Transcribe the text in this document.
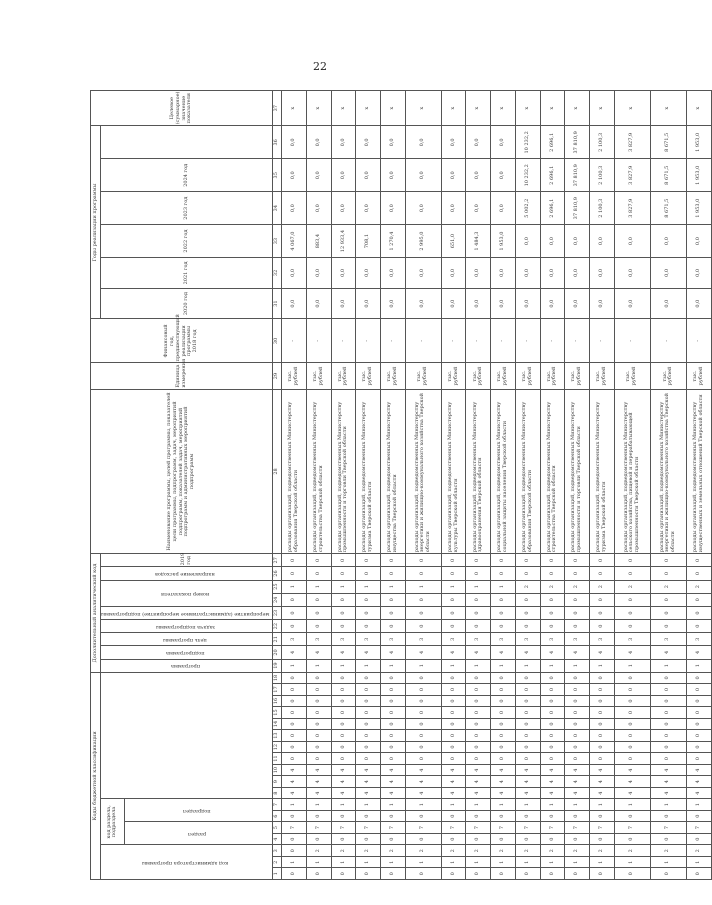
22
Коды бюджетной классификации																		Дополнительный аналитический код									Наименование программы, целей программы, показателей цели программы, подпрограмм, задач, мероприятий подпрограмм, показателей задач, мероприятий подпрограмм и административных мероприятий подпрограмм	Единица измерения	Финансовый год, предшествующий реализации программы 2018 год	Годы реализации программы						Целевое (суммарное) значение показателя
код администратора программы			код раздела, подраздела															программа	подпрограмма	цель программы	задача подпрограммы	мероприятие (административное мероприятие) подпрограммы	номер показателя		направление расходов	2019 год				2020 год	2021 год	2022 год	2023 год	2024 год		
			раздел		подраздел																															
1	2	3	4	5	6	7	8	9	10	11	12	13	14	15	16	17	18	19	20	21	22	23	24	25	26	27	28	29	30	31	32	33	34	35	36	37
0	1	0	0	7	0	1	4	4	4	0	0	0	0	0	0	0	0	1	4	3	0	0	0	1	0	0	расходы организаций, подведомственных Министерству образования Тверской области	тыс. рублей	-	0,0	0,0	4 067,0	0,0	0,0	0,0	х
0	1	2	0	7	0	1	4	4	4	0	0	0	0	0	0	0	0	1	4	3	0	0	0	1	0	0	расходы организаций, подведомственных Министерству строительства Тверской области	тыс. рублей	-	0,0	0,0	883,4	0,0	0,0	0,0	х
0	1	2	0	7	0	1	4	4	4	0	0	0	0	0	0	0	0	1	4	3	0	0	0	1	0	0	расходы организаций, подведомственных Министерству промышленности и торговли Тверской области	тыс. рублей	-	0,0	0,0	12 933,4	0,0	0,0	0,0	х
0	1	2	0	7	0	1	4	4	4	0	0	0	0	0	0	0	0	1	4	3	0	0	0	1	0	0	расходы организаций, подведомственных Министерству туризма Тверской области	тыс. рублей	-	0,0	0,0	708,1	0,0	0,0	0,0	х
0	1	2	0	7	0	1	4	4	4	0	0	0	0	0	0	0	0	1	4	3	0	0	0	1	0	0	расходы организаций, подведомственных Министерству имущества Тверской области	тыс. рублей	-	0,0	0,0	1 270,4	0,0	0,0	0,0	х
0	1	2	0	7	0	1	4	4	4	0	0	0	0	0	0	0	0	1	4	3	0	0	0	1	0	0	расходы организаций, подведомственных Министерству энергетики и жилищно-коммунального хозяйства Тверской области	тыс. рублей	-	0,0	0,0	2 995,0	0,0	0,0	0,0	х
0	1	2	0	7	0	1	4	4	4	0	0	0	0	0	0	0	0	1	4	3	0	0	0	1	0	0	расходы организаций, подведомственных Министерству культуры Тверской области	тыс. рублей	-	0,0	0,0	651,0	0,0	0,0	0,0	х
0	1	2	0	7	0	1	4	4	4	0	0	0	0	0	0	0	0	1	4	3	0	0	0	1	0	0	расходы организаций, подведомственных Министерству здравоохранения Тверской области	тыс. рублей	-	0,0	0,0	1 484,3	0,0	0,0	0,0	х
0	1	2	0	7	0	1	4	4	4	0	0	0	0	0	0	0	0	1	4	3	0	0	0	1	0	0	расходы организаций, подведомственных Министерству социальной защиты населения Тверской области	тыс. рублей	-	0,0	0,0	1 953,0	0,0	0,0	0,0	х
0	1	2	0	7	0	1	4	4	4	0	0	0	0	0	0	0	0	1	4	3	0	0	0	2	0	0	расходы организаций, подведомственных Министерству образования Тверской области	тыс. рублей	-	0,0	0,0	0,0	5 002,2	10 232,2	10 232,2	х
0	1	2	0	7	0	1	4	4	4	0	0	0	0	0	0	0	0	1	4	3	0	0	0	2	0	0	расходы организаций, подведомственных Министерству строительства Тверской области	тыс. рублей	-	0,0	0,0	0,0	2 696,1	2 696,1	2 696,1	х
0	1	2	0	7	0	1	4	4	4	0	0	0	0	0	0	0	0	1	4	3	0	0	0	2	0	0	расходы организаций, подведомственных Министерству промышленности и торговли Тверской области	тыс. рублей	-	0,0	0,0	0,0	37 810,9	37 810,9	37 810,9	х
0	1	2	0	7	0	1	4	4	4	0	0	0	0	0	0	0	0	1	4	3	0	0	0	2	0	0	расходы организаций, подведомственных Министерству туризма Тверской области	тыс. рублей	-	0,0	0,0	0,0	2 100,3	2 100,3	2 100,3	х
0	1	2	0	7	0	1	4	4	4	0	0	0	0	0	0	0	0	1	4	3	0	0	0	2	0	0	расходы организаций, подведомственных Министерству сельского хозяйства, пищевой и перерабатывающей промышленности Тверской области	тыс. рублей	-	0,0	0,0	0,0	3 827,9	3 827,9	3 827,9	х
0	1	2	0	7	0	1	4	4	4	0	0	0	0	0	0	0	0	1	4	3	0	0	0	2	0	0	расходы организаций, подведомственных Министерству энергетики и жилищно-коммунального хозяйства Тверской области	тыс. рублей	-	0,0	0,0	0,0	8 671,5	8 671,5	8 671,5	х
0	1	2	0	7	0	1	4	4	4	0	0	0	0	0	0	0	0	1	4	3	0	0	0	2	0	0	расходы организаций, подведомственных Министерству имущественных и земельных отношений Тверской области	тыс. рублей	-	0,0	0,0	0,0	1 953,0	1 953,0	1 953,0	х
